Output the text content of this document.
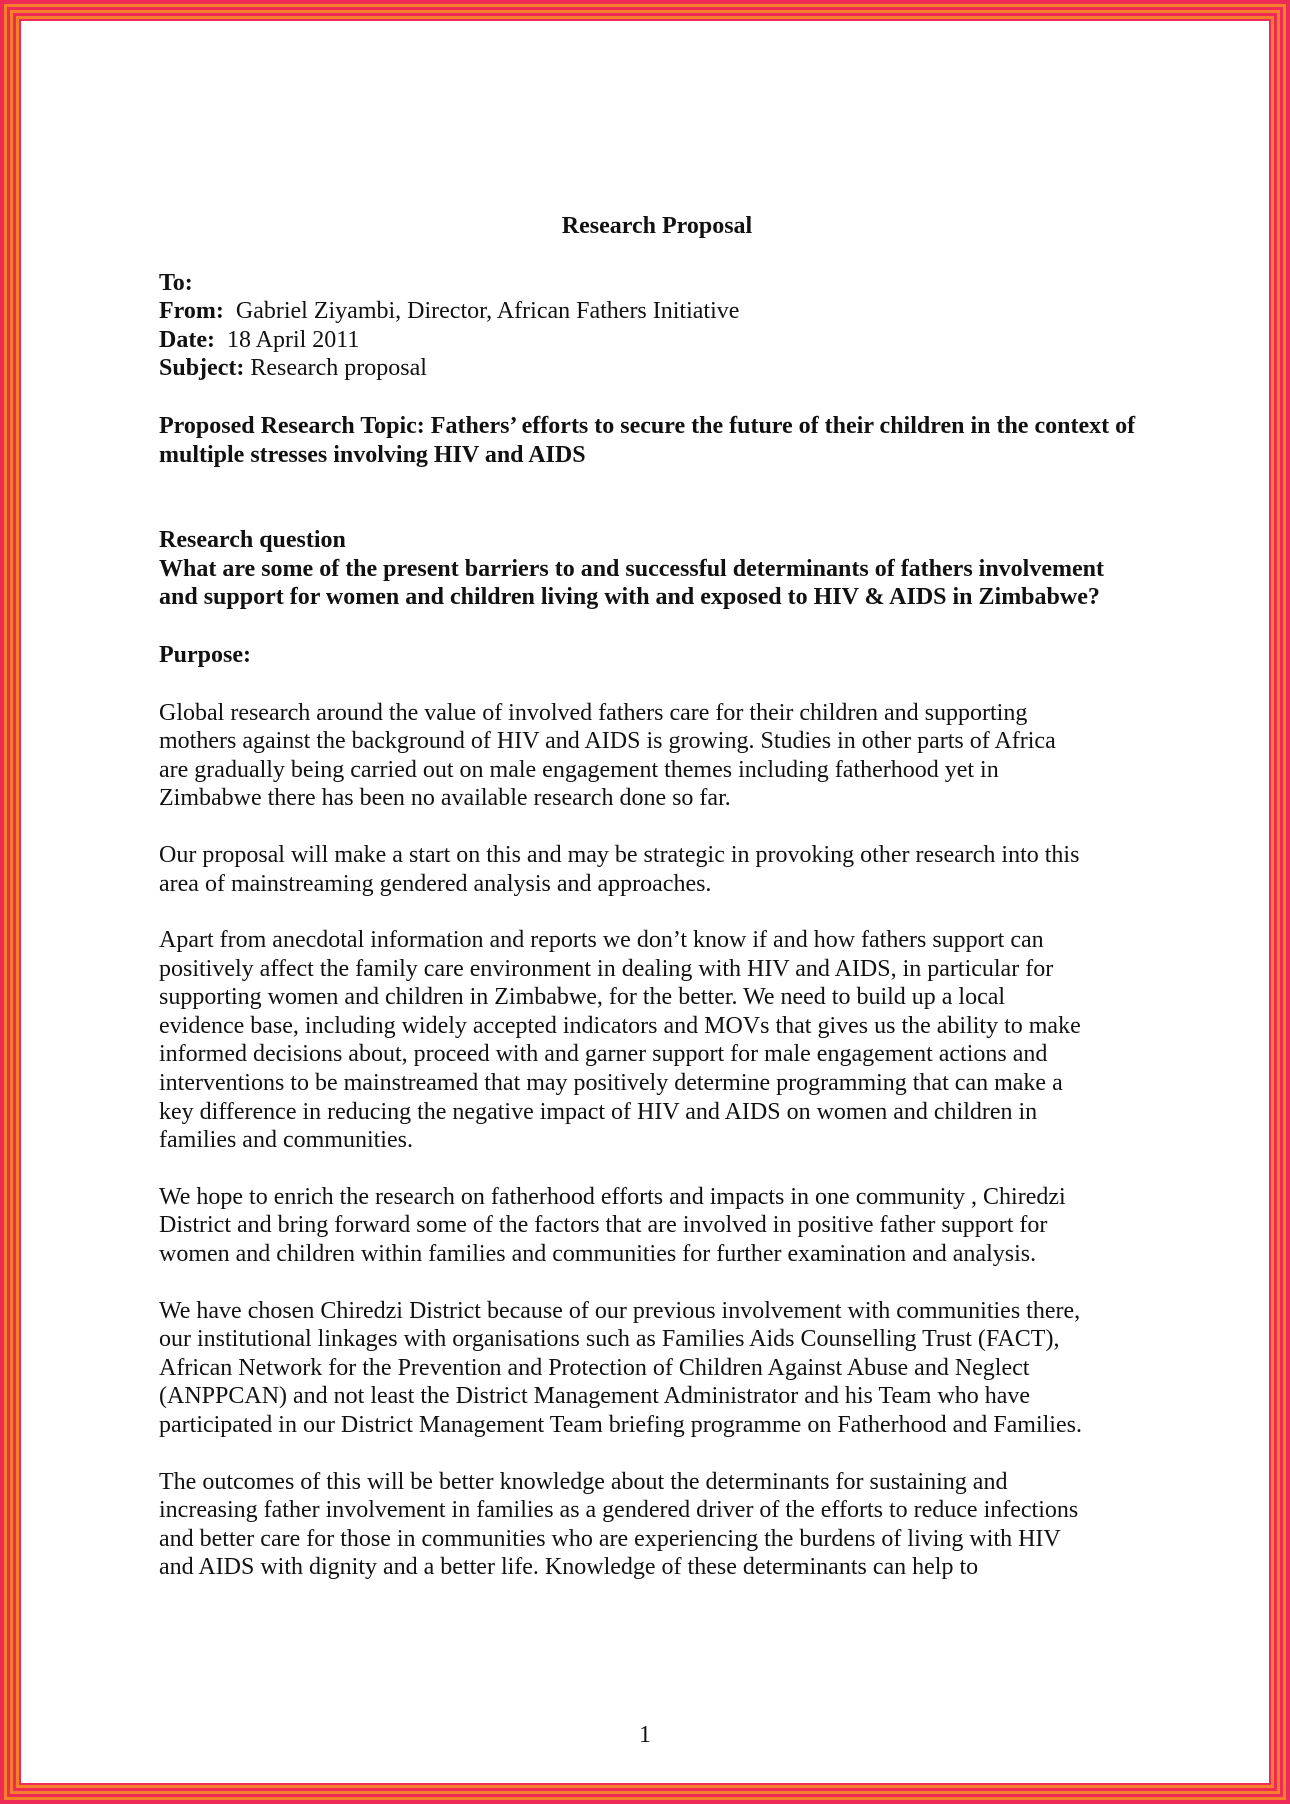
Research Proposal
To:
From: Gabriel Ziyambi, Director, African Fathers Initiative
Date: 18 April 2011
Subject: Research proposal
Proposed Research Topic: Fathers’ efforts to secure the future of their children in the context of multiple stresses involving HIV and AIDS
Research question
What are some of the present barriers to and successful determinants of fathers involvement and support for women and children living with and exposed to HIV & AIDS in Zimbabwe?
Purpose:
Global research around the value of involved fathers care for their children and supporting
mothers against the background of HIV and AIDS is growing. Studies in other parts of Africa
are gradually being carried out on male engagement themes including fatherhood yet in
Zimbabwe there has been no available research done so far.
Our proposal will make a start on this and may be strategic in provoking other research into this
area of mainstreaming gendered analysis and approaches.
Apart from anecdotal information and reports we don’t know if and how fathers support can
positively affect the family care environment in dealing with HIV and AIDS, in particular for
supporting women and children in Zimbabwe, for the better. We need to build up a local
evidence base, including widely accepted indicators and MOVs that gives us the ability to make
informed decisions about, proceed with and garner support for male engagement actions and
interventions to be mainstreamed that may positively determine programming that can make a
key difference in reducing the negative impact of HIV and AIDS on women and children in
families and communities.
We hope to enrich the research on fatherhood efforts and impacts in one community , Chiredzi
District and bring forward some of the factors that are involved in positive father support for
women and children within families and communities for further examination and analysis.
We have chosen Chiredzi District because of our previous involvement with communities there,
our institutional linkages with organisations such as Families Aids Counselling Trust (FACT),
African Network for the Prevention and Protection of Children Against Abuse and Neglect
(ANPPCAN) and not least the District Management Administrator and his Team who have
participated in our District Management Team briefing programme on Fatherhood and Families.
The outcomes of this will be better knowledge about the determinants for sustaining and
increasing father involvement in families as a gendered driver of the efforts to reduce infections
and better care for those in communities who are experiencing the burdens of living with HIV
and AIDS with dignity and a better life. Knowledge of these determinants can help to
1
